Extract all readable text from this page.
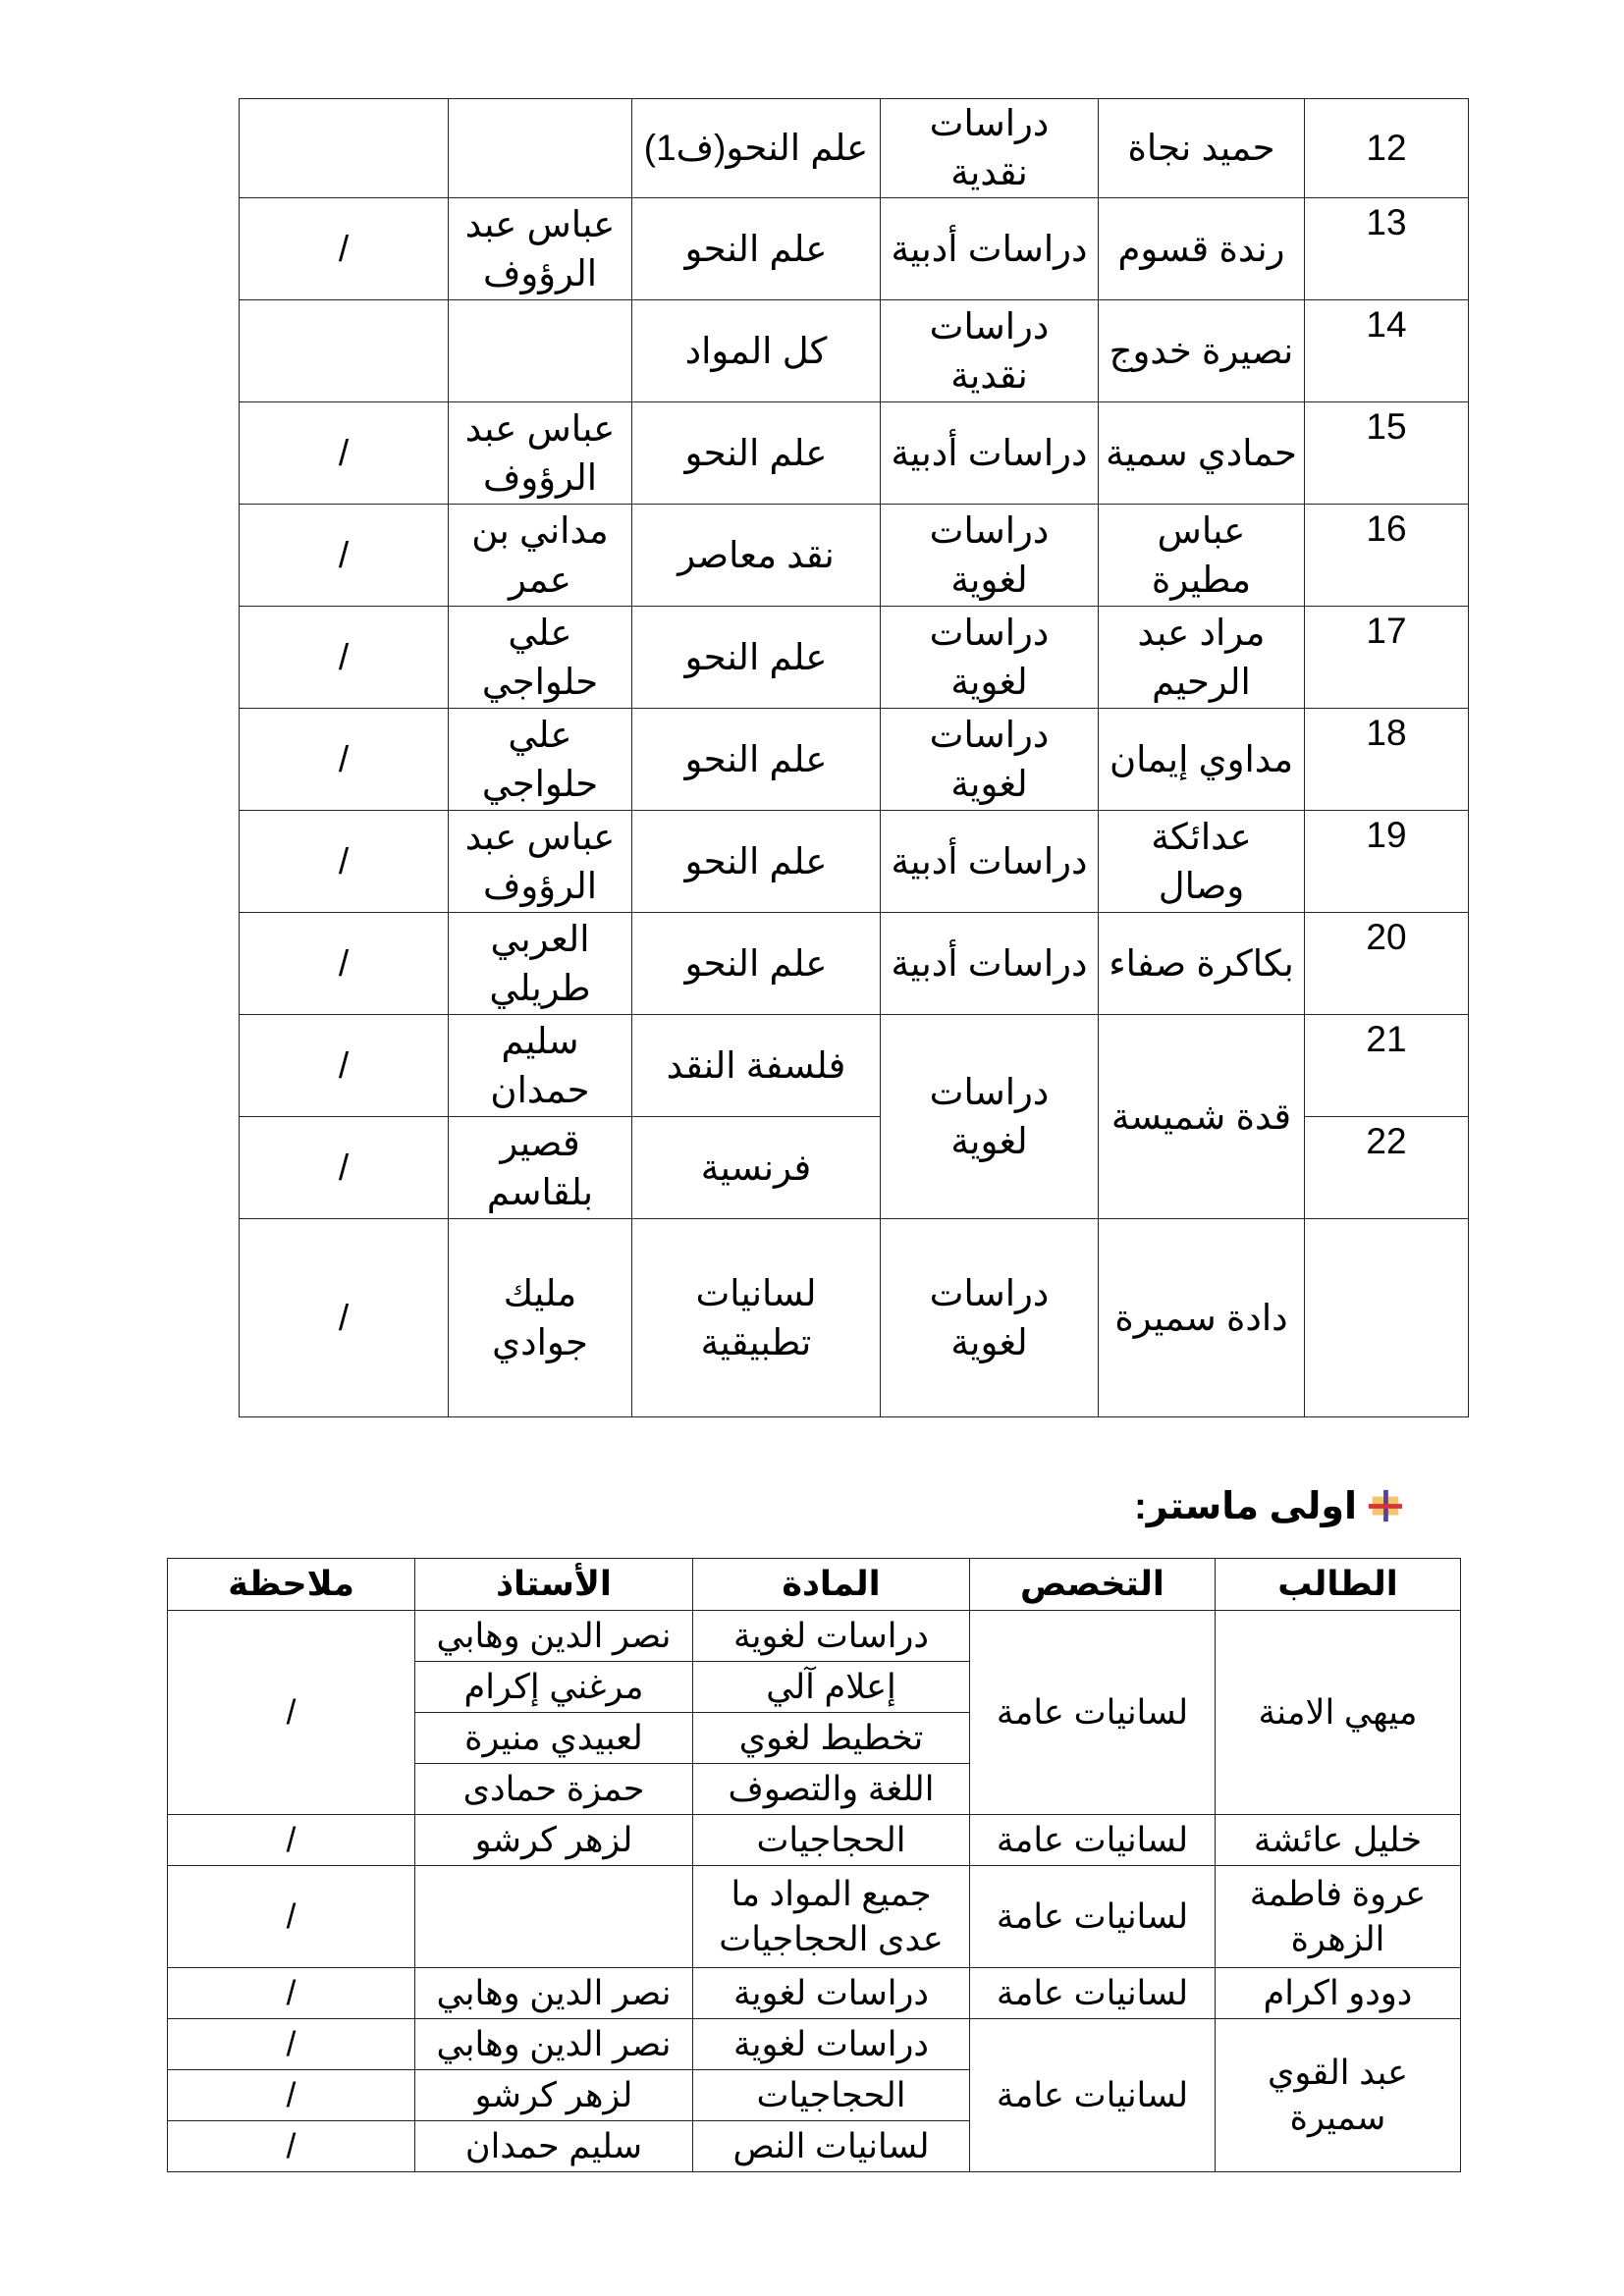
12	حميد نجاة	دراسات نقدية	علم النحو(ف1)		
13	رندة قسوم	دراسات أدبية	علم النحو	عباس عبد الرؤوف	/
14	نصيرة خدوج	دراسات نقدية	كل المواد		
15	حمادي سمية	دراسات أدبية	علم النحو	عباس عبد الرؤوف	/
16	عباس مطيرة	دراسات لغوية	نقد معاصر	مداني بن عمر	/
17	مراد عبد الرحيم	دراسات لغوية	علم النحو	علي حلواجي	/
18	مداوي إيمان	دراسات لغوية	علم النحو	علي حلواجي	/
19	عدائكة وصال	دراسات أدبية	علم النحو	عباس عبد الرؤوف	/
20	بكاكرة صفاء	دراسات أدبية	علم النحو	العربي طريلي	/
21	قدة شميسة	دراسات لغوية	فلسفة النقد	سليم حمدان	/
22			فرنسية	قصير بلقاسم	/
	دادة سميرة	دراسات لغوية	لسانيات تطبيقية	مليك جوادي	/
اولى ماستر:
الطالب	التخصص	المادة	الأستاذ	ملاحظة
ميهي الامنة	لسانيات عامة	دراسات لغوية	نصر الدين وهابي	/
		إعلام آلي	مرغني إكرام	
		تخطيط لغوي	لعبيدي منيرة	
		اللغة والتصوف	حمزة حمادى	
خليل عائشة	لسانيات عامة	الحجاجيات	لزهر كرشو	/
عروة فاطمة الزهرة	لسانيات عامة	جميع المواد ما عدى الحجاجيات		/
دودو اكرام	لسانيات عامة	دراسات لغوية	نصر الدين وهابي	/
عبد القوي سميرة	لسانيات عامة	دراسات لغوية	نصر الدين وهابي	/
		الحجاجيات	لزهر كرشو	/
		لسانيات النص	سليم حمدان	/
